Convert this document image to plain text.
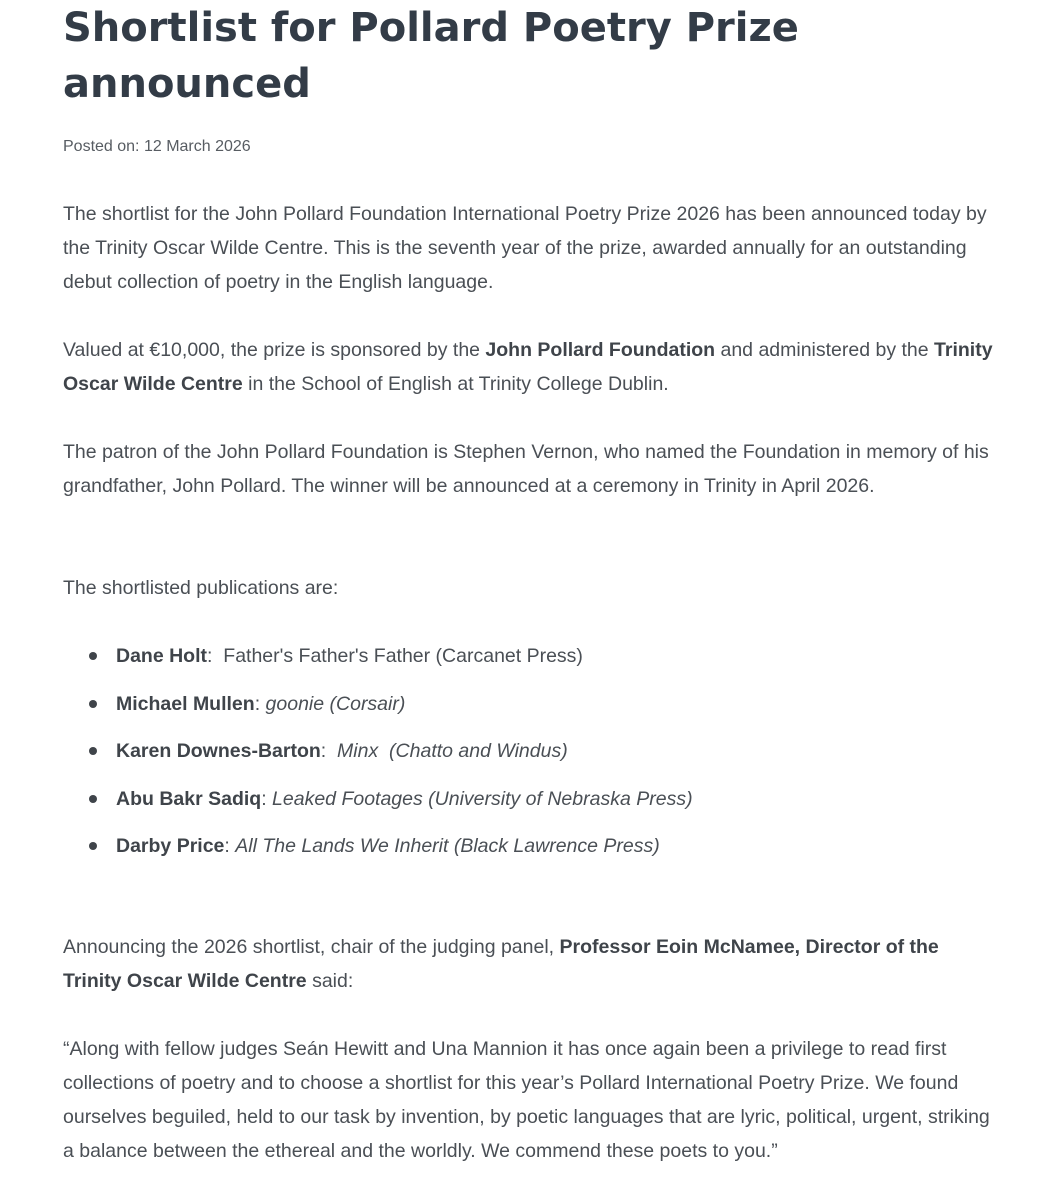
Shortlist for Pollard Poetry Prize announced
Posted on: 12 March 2026

The shortlist for the John Pollard Foundation International Poetry Prize 2026 has been announced today by the Trinity Oscar Wilde Centre. This is the seventh year of the prize, awarded annually for an outstanding debut collection of poetry in the English language.

Valued at €10,000, the prize is sponsored by the John Pollard Foundation and administered by the Trinity Oscar Wilde Centre in the School of English at Trinity College Dublin.

The patron of the John Pollard Foundation is Stephen Vernon, who named the Foundation in memory of his grandfather, John Pollard. The winner will be announced at a ceremony in Trinity in April 2026.

The shortlisted publications are:

Dane Holt:  Father's Father's Father (Carcanet Press)
Michael Mullen: goonie (Corsair)
Karen Downes-Barton:  Minx  (Chatto and Windus)
Abu Bakr Sadiq: Leaked Footages (University of Nebraska Press)
Darby Price: All The Lands We Inherit (Black Lawrence Press)

Announcing the 2026 shortlist, chair of the judging panel, Professor Eoin McNamee, Director of the Trinity Oscar Wilde Centre said:

“Along with fellow judges Seán Hewitt and Una Mannion it has once again been a privilege to read first collections of poetry and to choose a shortlist for this year’s Pollard International Poetry Prize. We found ourselves beguiled, held to our task by invention, by poetic languages that are lyric, political, urgent, striking a balance between the ethereal and the worldly. We commend these poets to you.”
